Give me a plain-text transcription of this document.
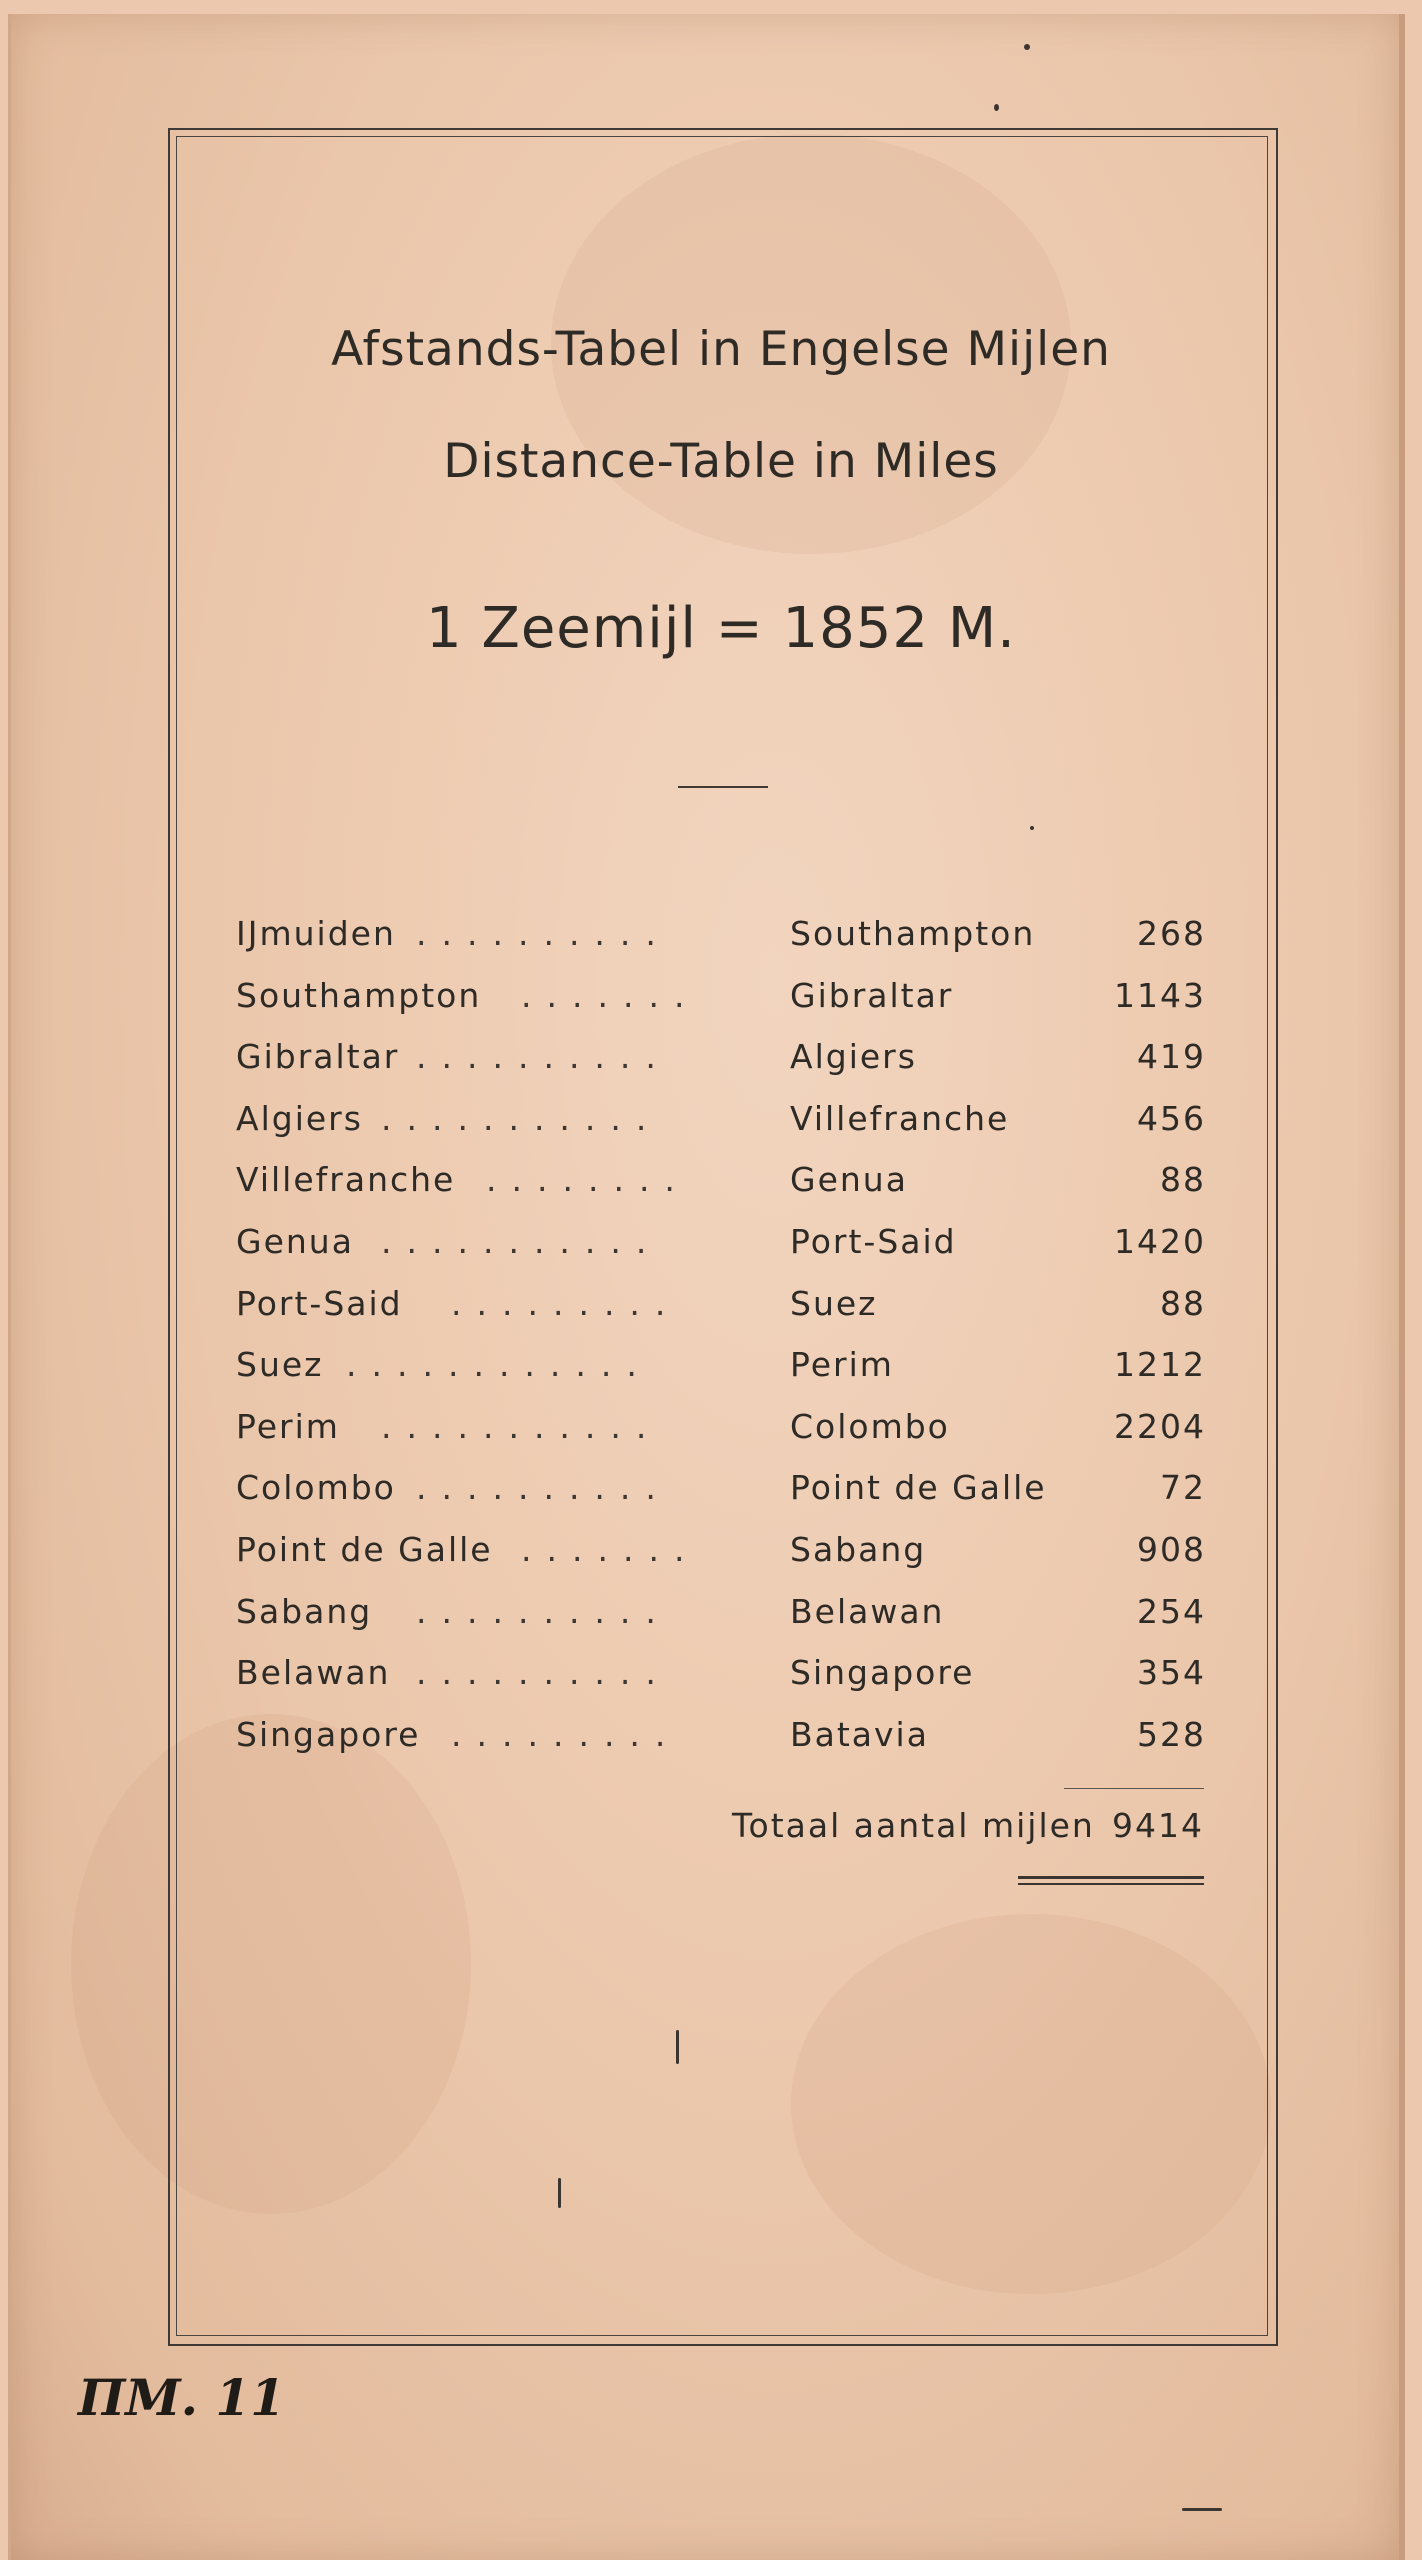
Afstands-Tabel in Engelse Mijlen
Distance-Table in Miles
1 Zeemijl = 1852 M.
IJmuiden ..........	Southampton	268
Southampton .......	Gibraltar	1143
Gibraltar ..........	Algiers	419
Algiers ...........	Villefranche	456
Villefranche ........	Genua	88
Genua ...........	Port-Said	1420
Port-Said .........	Suez	88
Suez ............	Perim	1212
Perim ...........	Colombo	2204
Colombo ..........	Point de Galle	72
Point de Galle .......	Sabang	908
Sabang ..........	Belawan	254
Belawan ..........	Singapore	354
Singapore .........	Batavia	528
Totaal aantal mijlen 9414
ПМ. 11
